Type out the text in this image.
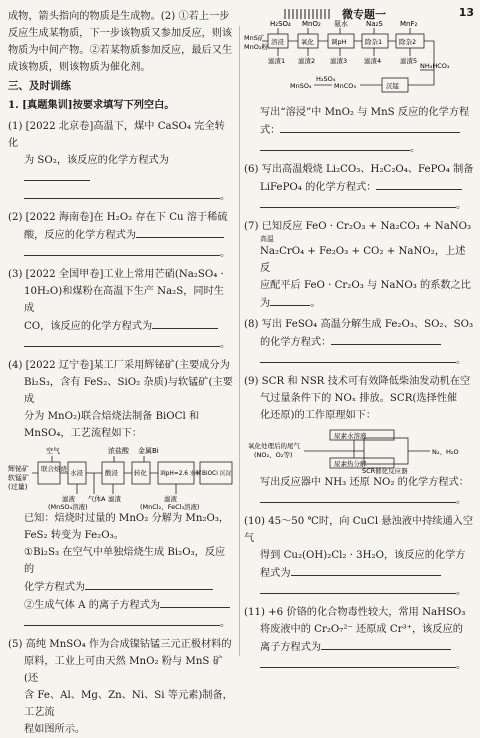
微专题一	13

成物，箭头指向的物质是生成物。(2) ①若上一步

反应生成某物质，下一步该物质又参加反应，则该

物质为中间产物。②若某物质参加反应，最后又生

成该物质，则该物质为催化剂。

三、及时训练

1. [真题集训]按要求填写下列空白。

(1) [2022 北京卷]高温下，煤中 CaSO₄ 完全转化

为 SO₂，该反应的化学方程式为

。

(2) [2022 海南卷]在 H₂O₂ 存在下 Cu 溶于稀硫

酸，反应的化学方程式为

。

(3) [2022 全国甲卷]工业上常用芒硝(Na₂SO₄ ·

10H₂O)和煤粉在高温下生产 Na₂S，同时生成

CO，该反应的化学方程式为

。

(4) [2022 辽宁卷]某工厂采用辉铋矿(主要成分为

Bi₂S₃，含有 FeS₂、SiO₂ 杂质)与软锰矿(主要成

分为 MnO₂)联合焙烧法制备 BiOCl 和

MnSO₄，工艺流程如下：

空气	浓盐酸 金属Bi
辉铋矿
软锰矿
(过量)
联合焙烧 水浸	酸浸 转化 调pH=2.6 水解 BiOCl 沉淀
滤液
(MnSO₄溶液)
滤渣	滤液
(MnCl₂、FeCl₃溶液)
气体A

已知：焙烧时过量的 MnO₂ 分解为 Mn₂O₃，

FeS₂ 转变为 Fe₂O₃。

①Bi₂S₃ 在空气中单独焙烧生成 Bi₂O₃，反应的

化学方程式为

②生成气体 A 的离子方程式为

。

(5) 高纯 MnSO₄ 作为合成镍钴锰三元正极材料的

原料，工业上可由天然 MnO₂ 粉与 MnS 矿(还

含 Fe、Al、Mg、Zn、Ni、Si 等元素)制备，工艺流

程如图所示。

H₂SO₄ MnO₂ 氨水	Na₂S MnF₂
MnS矿
MnO₂粉
溶浸	氧化	调pH	除杂1	除杂2
滤渣1 滤渣2 滤渣3	滤渣4	滤渣5
MnSO₄
H₂SO₄
MnCO₃	沉锰
NH₄HCO₃

写出“溶浸”中 MnO₂ 与 MnS 反应的化学方程

式：

。

(6) 写出高温煅烧 Li₂CO₃、H₂C₂O₄、FePO₄ 制备

LiFePO₄ 的化学方程式：

。

(7) 已知反应 FeO · Cr₂O₃ + Na₂CO₃ + NaNO₃

高温

Na₂CrO₄ + Fe₂O₃ + CO₂ + NaNO₂，上述反

应配平后 FeO · Cr₂O₃ 与 NaNO₃ 的系数之比

为	。

(8) 写出 FeSO₄ 高温分解生成 Fe₂O₃、SO₂、SO₃

的化学方程式：

。

(9) SCR 和 NSR 技术可有效降低柴油发动机在空

气过量条件下的 NOₓ 排放。SCR(选择性催

化还原)的工作原理如下：

尿素水溶液
氧化处理后的尾气
(NO₂、O₂等)
尿素热分解
SCR催化反应器
N₂、H₂O

写出反应器中 NH₃ 还原 NO₂ 的化学方程式：

。

(10) 45～50 ℃时，向 CuCl 悬浊液中持续通入空气

得到 Cu₂(OH)₂Cl₂ · 3H₂O，该反应的化学方

程式为

。

(11) +6 价铬的化合物毒性较大，常用 NaHSO₃

将废液中的 Cr₂O₇²⁻ 还原成 Cr³⁺，该反应的

离子方程式为

。
